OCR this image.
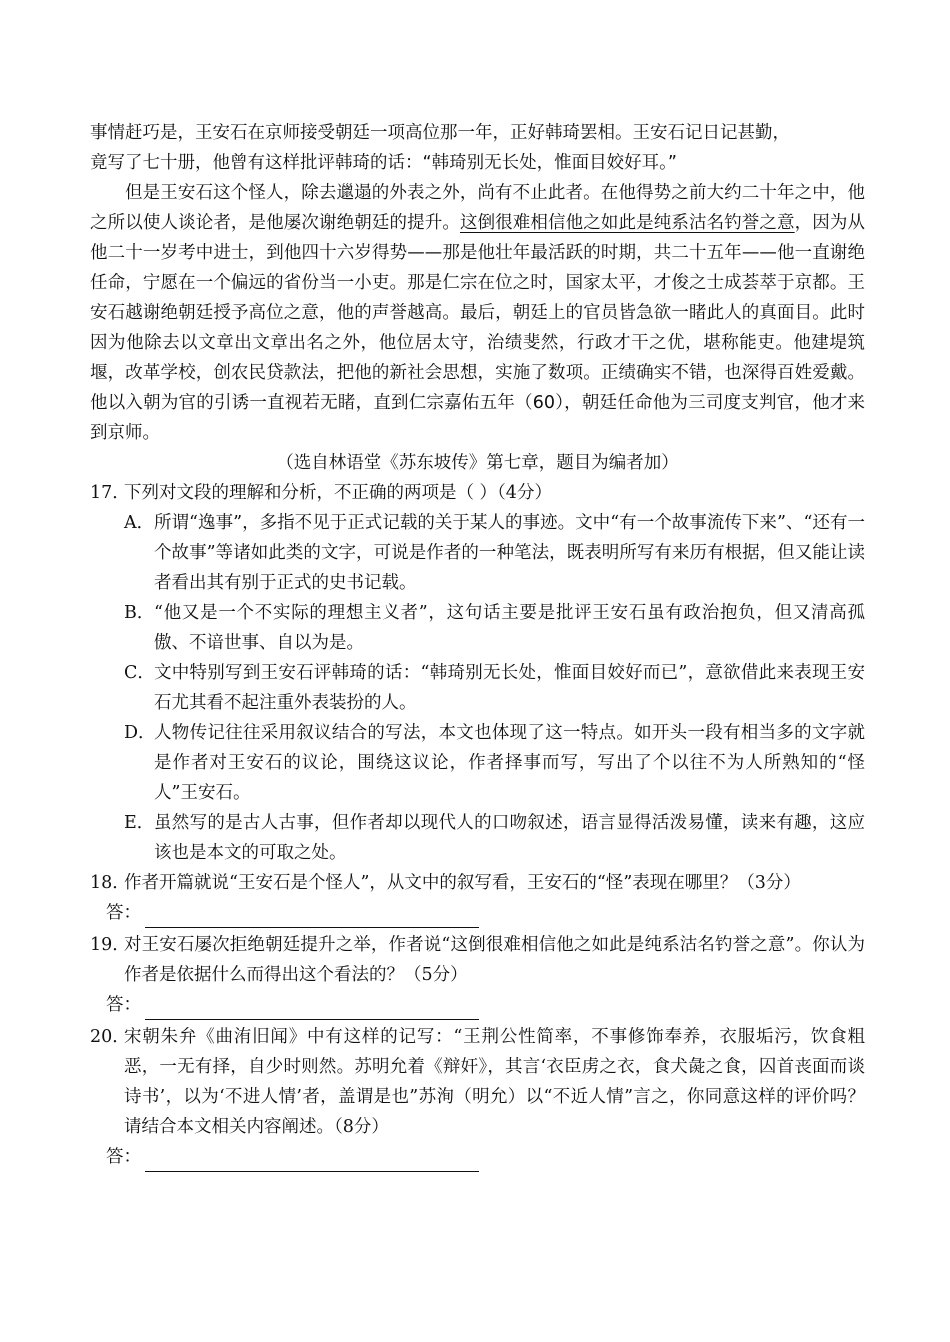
事情赶巧是，王安石在京师接受朝廷一项高位那一年，正好韩琦罢相。王安石记日记甚勤，
竟写了七十册，他曾有这样批评韩琦的话：“韩琦别无长处，惟面目姣好耳。”

但是王安石这个怪人，除去邋遢的外表之外，尚有不止此者。在他得势之前大约二十年之中，他之所以使人谈论者，是他屡次谢绝朝廷的提升。这倒很难相信他之如此是纯系沽名钓誉之意，因为从他二十一岁考中进士，到他四十六岁得势——那是他壮年最活跃的时期，共二十五年——他一直谢绝任命，宁愿在一个偏远的省份当一小吏。那是仁宗在位之时，国家太平，才俊之士成荟萃于京都。王安石越谢绝朝廷授予高位之意，他的声誉越高。最后，朝廷上的官员皆急欲一睹此人的真面目。此时因为他除去以文章出文章出名之外，他位居太守，治绩斐然，行政才干之优，堪称能吏。他建堤筑堰，改革学校，创农民贷款法，把他的新社会思想，实施了数项。正绩确实不错，也深得百姓爱戴。他以入朝为官的引诱一直视若无睹，直到仁宗嘉佑五年（60），朝廷任命他为三司度支判官，他才来到京师。

（选自林语堂《苏东坡传》第七章，题目为编者加）

17．
下列对文段的理解和分析，不正确的两项是（ ）（4分）
A． 所谓“逸事”，多指不见于正式记载的关于某人的事迹。文中“有一个故事流传下来”、“还有一个故事”等诸如此类的文字，可说是作者的一种笔法，既表明所写有来历有根据，但又能让读者看出其有别于正式的史书记载。
B． “他又是一个不实际的理想主义者”，这句话主要是批评王安石虽有政治抱负，但又清高孤傲、不谙世事、自以为是。
C． 文中特别写到王安石评韩琦的话：“韩琦别无长处，惟面目姣好而已”，意欲借此来表现王安石尤其看不起注重外表装扮的人。
D．
人物传记往往采用叙议结合的写法，本文也体现了这一特点。如开头一段有相当多的文字就是作者对王安石的议论，围绕这议论，作者择事而写，写出了个以往不为人所熟知的“怪人”王安石。
E． 虽然写的是古人古事，但作者却以现代人的口吻叙述，语言显得活泼易懂，读来有趣，这应该也是本文的可取之处。
18．
作者开篇就说“王安石是个怪人”，从文中的叙写看，王安石的“怪”表现在哪里？（3分）
答：
19．
对王安石屡次拒绝朝廷提升之举，作者说“这倒很难相信他之如此是纯系沽名钓誉之意”。你认为作者是依据什么而得出这个看法的？（5分）
答：
20．
宋朝朱弁《曲洧旧闻》中有这样的记写：“王荆公性简率，不事修饰奉养，衣服垢污，饮食粗恶，一无有择，自少时则然。苏明允着《辩奸》，其言‘衣臣虏之衣，食犬彘之食，囚首丧面而谈诗书’，以为‘不进人情’者，盖谓是也”苏洵（明允）以“不近人情”言之，你同意这样的评价吗？请结合本文相关内容阐述。（8分）
答：
